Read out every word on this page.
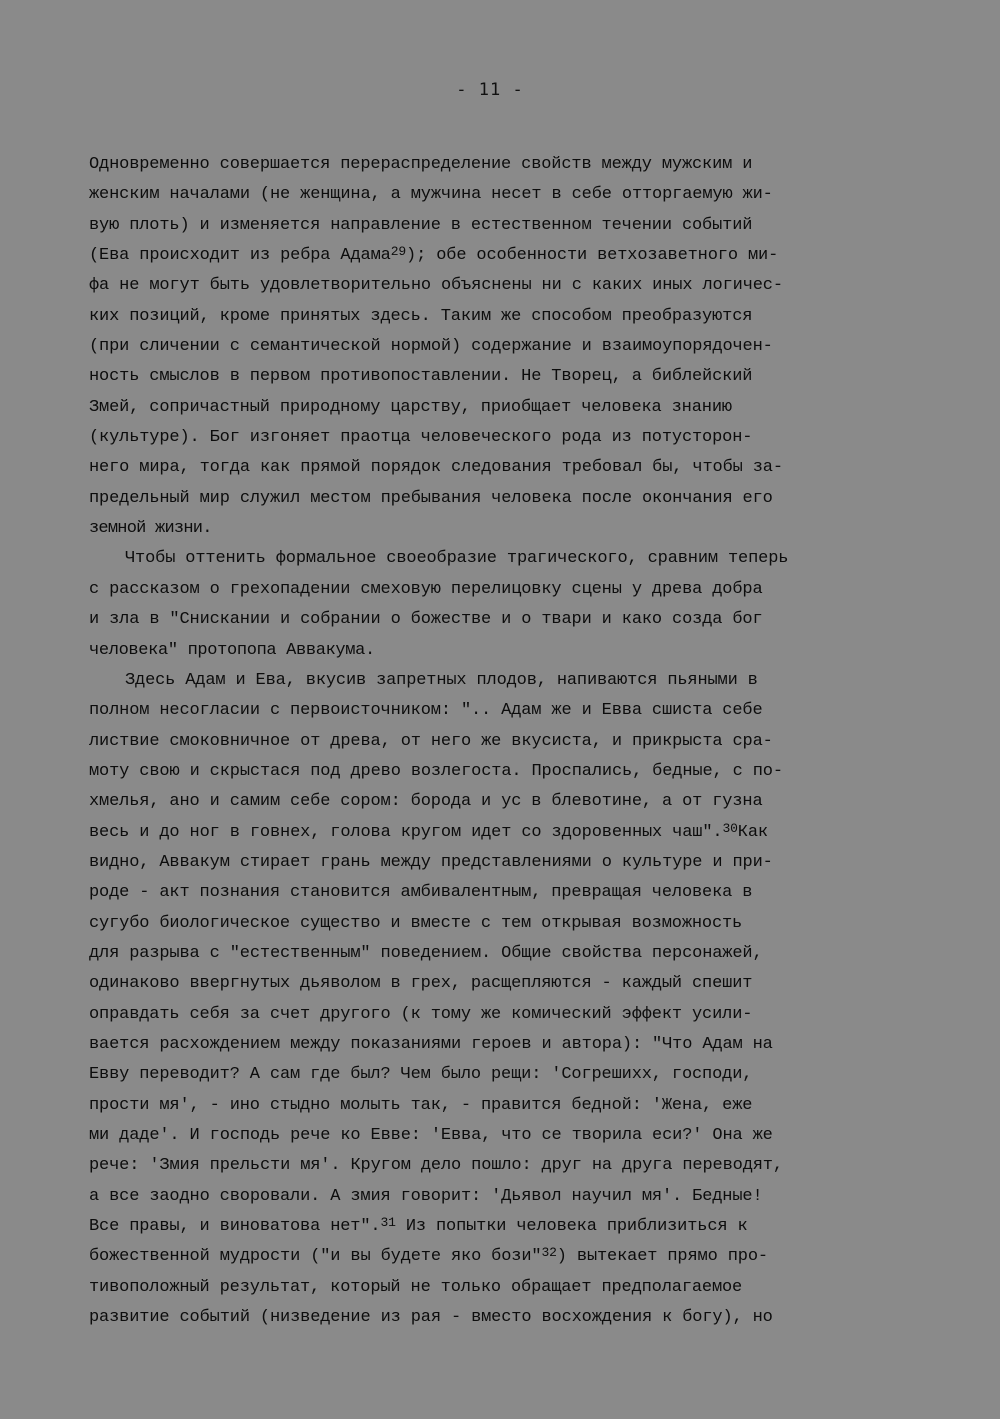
- 11 -
Одновременно совершается перераспределение свойств между мужским и
женским началами (не женщина, а мужчина несет в себе отторгаемую жи-
вую плоть) и изменяется направление в естественном течении событий
(Ева происходит из ребра Адама$^{29}$); обе особенности ветхозаветного ми-
фа не могут быть удовлетворительно объяснены ни с каких иных логичес-
ких позиций, кроме принятых здесь. Таким же способом преобразуются
(при сличении с семантической нормой) содержание и взаимоупорядочен-
ность смыслов в первом противопоставлении. Не Творец, а библейский
Змей, сопричастный природному царству, приобщает человека знанию
(культуре). Бог изгоняет праотца человеческого рода из потусторон-
него мира, тогда как прямой порядок следования требовал бы, чтобы за-
предельный мир служил местом пребывания человека после окончания его
земной жизни.
Чтобы оттенить формальное своеобразие трагического, сравним теперь
с рассказом о грехопадении смеховую перелицовку сцены у древа добра
и зла в "Снискании и собрании о божестве и о твари и како созда бог
человека" протопопа Аввакума.
Здесь Адам и Ева, вкусив запретных плодов, напиваются пьяными в
полном несогласии с первоисточником: ".. Адам же и Евва сшиста себе
листвие смоковничное от древа, от него же вкусиста, и прикрыста сра-
моту свою и скрыстася под древо возлегоста. Проспались, бедные, с по-
хмелья, ано и самим себе сором: борода и ус в блевотине, а от гузна
весь и до ног в говнех, голова кругом идет со здоровенных чаш".$^{30}$Как
видно, Аввакум стирает грань между представлениями о культуре и при-
роде - акт познания становится амбивалентным, превращая человека в
сугубо биологическое существо и вместе с тем открывая возможность
для разрыва с "естественным" поведением. Общие свойства персонажей,
одинаково ввергнутых дьяволом в грех, расщепляются - каждый спешит
оправдать себя за счет другого (к тому же комический эффект усили-
вается расхождением между показаниями героев и автора): "Что Адам на
Евву переводит? А сам где был? Чем было рещи: 'Согрешихх, господи,
прости мя', - ино стыдно молыть так, - правится бедной: 'Жена, еже
ми даде'. И господь рече ко Евве: 'Евва, что се творила еси?' Она же
рече: 'Змия прельсти мя'. Кругом дело пошло: друг на друга переводят,
а все заодно своровали. А змия говорит: 'Дьявол научил мя'. Бедные!
Все правы, и виноватова нет".$^{31}$ Из попытки человека приблизиться к
божественной мудрости ("и вы будете яко бози"$^{32}$) вытекает прямо про-
тивоположный результат, который не только обращает предполагаемое
развитие событий (низведение из рая - вместо восхождения к богу), но
